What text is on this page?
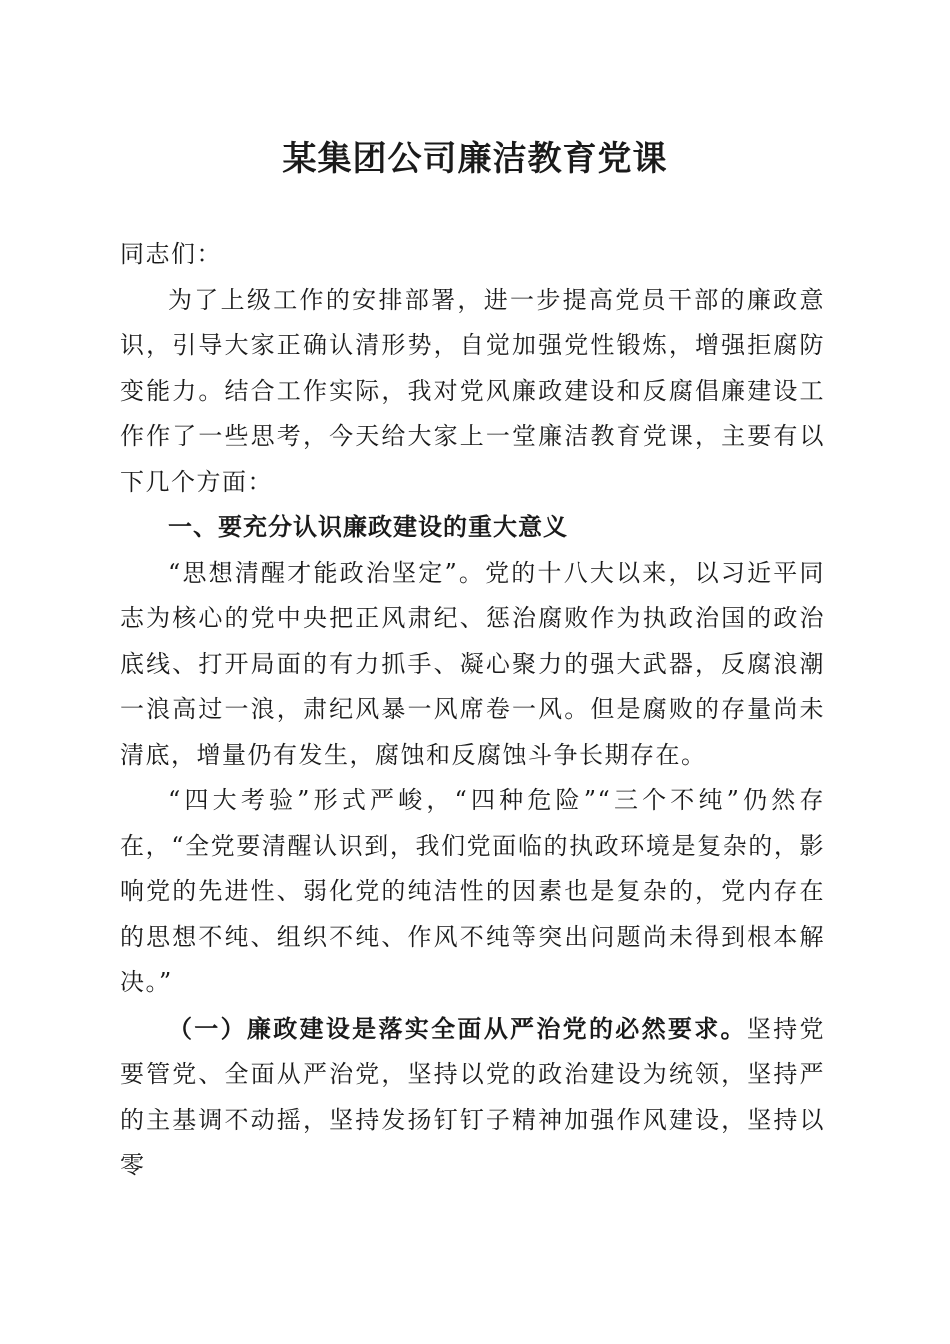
某集团公司廉洁教育党课

同志们：

为了上级工作的安排部署，进一步提高党员干部的廉政意识，引导大家正确认清形势，自觉加强党性锻炼，增强拒腐防变能力。结合工作实际，我对党风廉政建设和反腐倡廉建设工作作了一些思考，今天给大家上一堂廉洁教育党课，主要有以下几个方面：

一、要充分认识廉政建设的重大意义

“思想清醒才能政治坚定”。党的十八大以来，以习近平同志为核心的党中央把正风肃纪、惩治腐败作为执政治国的政治底线、打开局面的有力抓手、凝心聚力的强大武器，反腐浪潮一浪高过一浪，肃纪风暴一风席卷一风。但是腐败的存量尚未清底，增量仍有发生，腐蚀和反腐蚀斗争长期存在。

“四大考验”形式严峻，“四种危险”“三个不纯”仍然存在，“全党要清醒认识到，我们党面临的执政环境是复杂的，影响党的先进性、弱化党的纯洁性的因素也是复杂的，党内存在的思想不纯、组织不纯、作风不纯等突出问题尚未得到根本解决。”

（一）廉政建设是落实全面从严治党的必然要求。坚持党要管党、全面从严治党，坚持以党的政治建设为统领，坚持严的主基调不动摇，坚持发扬钉钉子精神加强作风建设，坚持以零
